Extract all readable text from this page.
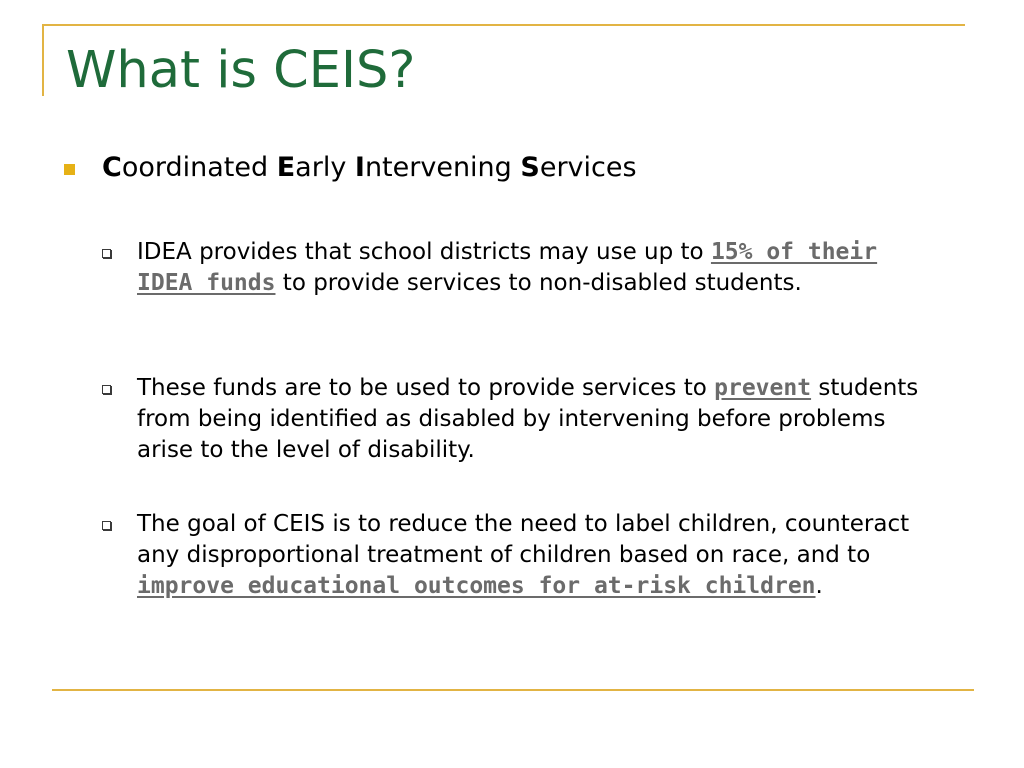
What is CEIS?
Coordinated Early Intervening Services
IDEA provides that school districts may use up to 15% of their IDEA funds to provide services to non-disabled students.
These funds are to be used to provide services to prevent students from being identified as disabled by intervening before problems arise to the level of disability.
The goal of CEIS is to reduce the need to label children, counteract any disproportional treatment of children based on race, and to improve educational outcomes for at-risk children.
